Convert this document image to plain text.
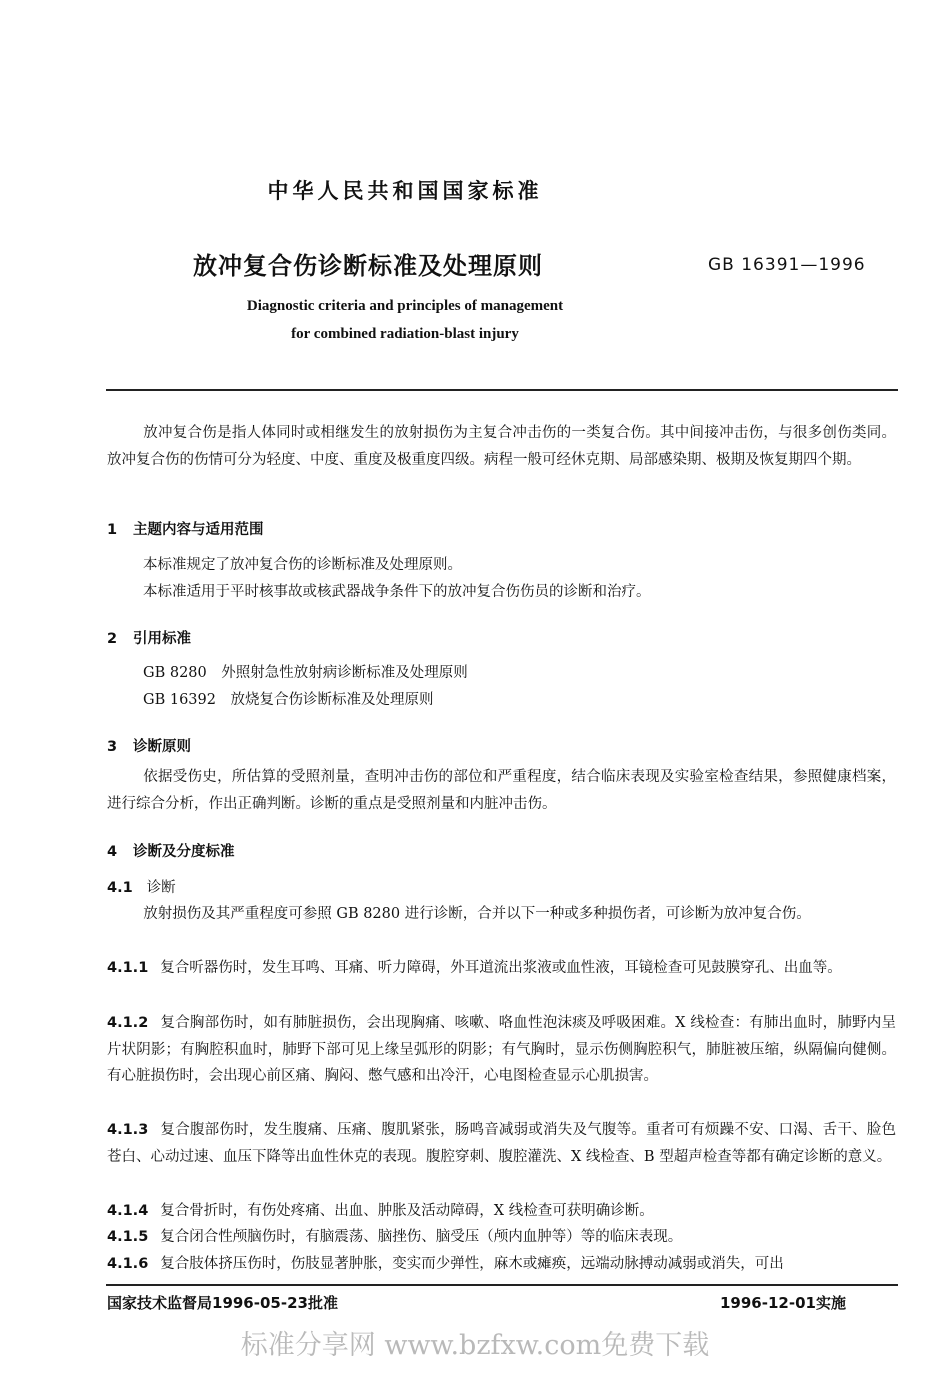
中华人民共和国国家标准
放冲复合伤诊断标准及处理原则	GB 16391—1996
Diagnostic criteria and principles of management
for combined radiation-blast injury
放冲复合伤是指人体同时或相继发生的放射损伤为主复合冲击伤的一类复合伤。其中间接冲击伤，与很多创伤类同。放冲复合伤的伤情可分为轻度、中度、重度及极重度四级。病程一般可经休克期、局部感染期、极期及恢复期四个期。
1 主题内容与适用范围
本标准规定了放冲复合伤的诊断标准及处理原则。
本标准适用于平时核事故或核武器战争条件下的放冲复合伤伤员的诊断和治疗。
2 引用标准
GB 8280　外照射急性放射病诊断标准及处理原则
GB 16392　放烧复合伤诊断标准及处理原则
3 诊断原则
依据受伤史，所估算的受照剂量，查明冲击伤的部位和严重程度，结合临床表现及实验室检查结果，参照健康档案，进行综合分析，作出正确判断。诊断的重点是受照剂量和内脏冲击伤。
4 诊断及分度标准
4.1 诊断
放射损伤及其严重程度可参照 GB 8280 进行诊断，合并以下一种或多种损伤者，可诊断为放冲复合伤。
4.1.1 复合听器伤时，发生耳鸣、耳痛、听力障碍，外耳道流出浆液或血性液，耳镜检查可见鼓膜穿孔、出血等。
4.1.2 复合胸部伤时，如有肺脏损伤，会出现胸痛、咳嗽、咯血性泡沫痰及呼吸困难。X 线检查：有肺出血时，肺野内呈片状阴影；有胸腔积血时，肺野下部可见上缘呈弧形的阴影；有气胸时，显示伤侧胸腔积气，肺脏被压缩，纵隔偏向健侧。有心脏损伤时，会出现心前区痛、胸闷、憋气感和出冷汗，心电图检查显示心肌损害。
4.1.3 复合腹部伤时，发生腹痛、压痛、腹肌紧张，肠鸣音减弱或消失及气腹等。重者可有烦躁不安、口渴、舌干、脸色苍白、心动过速、血压下降等出血性休克的表现。腹腔穿刺、腹腔灌洗、X 线检查、B 型超声检查等都有确定诊断的意义。
4.1.4 复合骨折时，有伤处疼痛、出血、肿胀及活动障碍，X 线检查可获明确诊断。
4.1.5 复合闭合性颅脑伤时，有脑震荡、脑挫伤、脑受压（颅内血肿等）等的临床表现。
4.1.6 复合肢体挤压伤时，伤肢显著肿胀，变实而少弹性，麻木或瘫痪，远端动脉搏动减弱或消失，可出
国家技术监督局1996-05-23批准	1996-12-01实施
标准分享网 www.bzfxw.com免费下载
